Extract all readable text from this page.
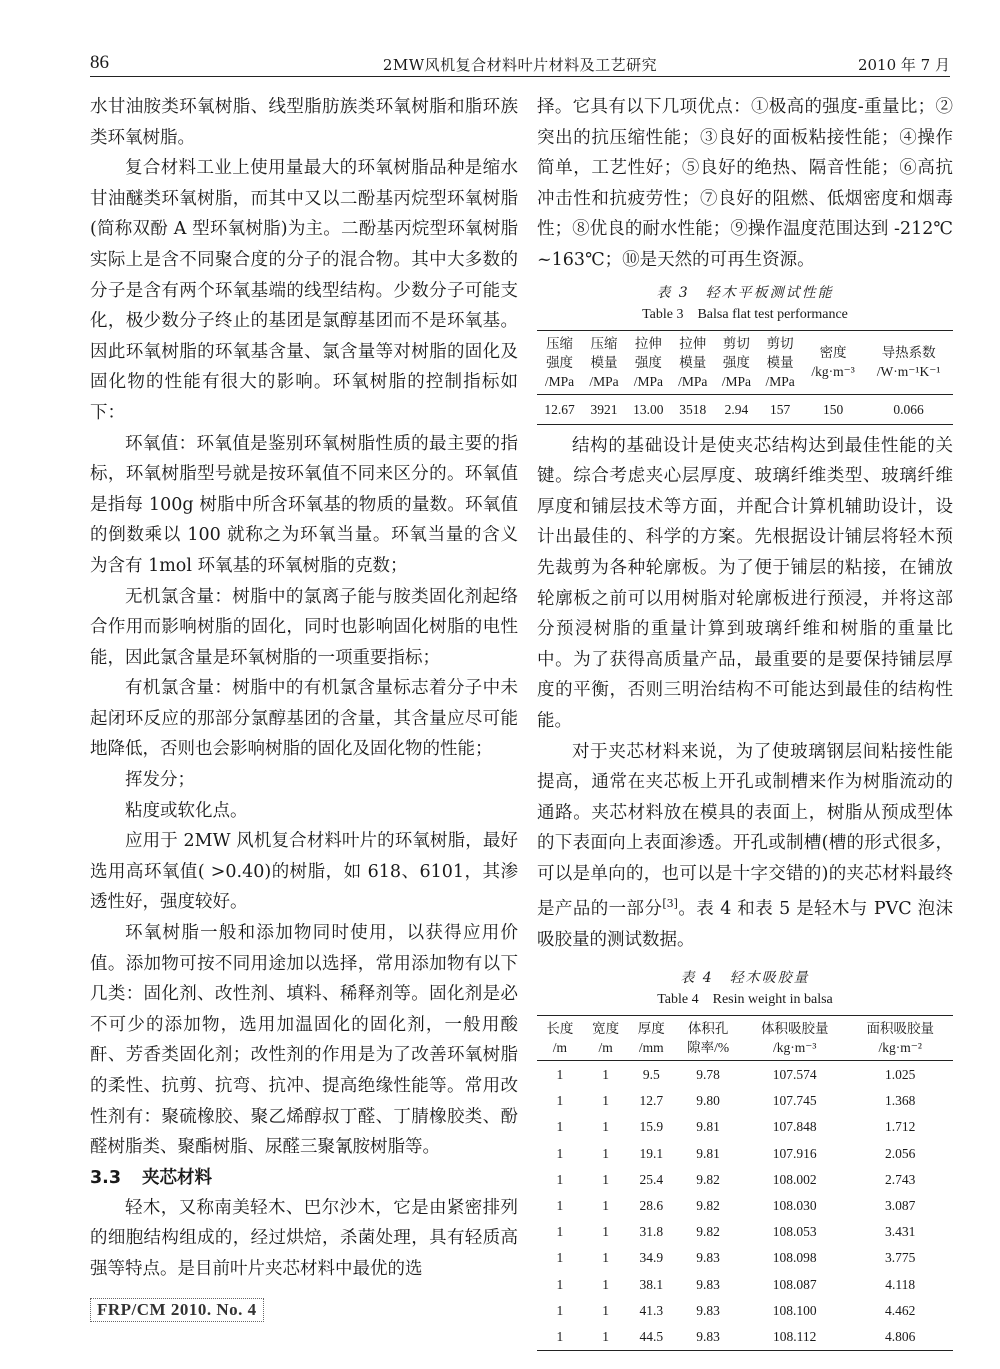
86	2MW风机复合材料叶片材料及工艺研究	2010 年 7 月

水甘油胺类环氧树脂、线型脂肪族类环氧树脂和脂环族类环氧树脂。

复合材料工业上使用量最大的环氧树脂品种是缩水甘油醚类环氧树脂，而其中又以二酚基丙烷型环氧树脂(简称双酚 A 型环氧树脂)为主。二酚基丙烷型环氧树脂实际上是含不同聚合度的分子的混合物。其中大多数的分子是含有两个环氧基端的线型结构。少数分子可能支化，极少数分子终止的基团是氯醇基团而不是环氧基。因此环氧树脂的环氧基含量、氯含量等对树脂的固化及固化物的性能有很大的影响。环氧树脂的控制指标如下：

环氧值：环氧值是鉴别环氧树脂性质的最主要的指标，环氧树脂型号就是按环氧值不同来区分的。环氧值是指每 100g 树脂中所含环氧基的物质的量数。环氧值的倒数乘以 100 就称之为环氧当量。环氧当量的含义为含有 1mol 环氧基的环氧树脂的克数；

无机氯含量：树脂中的氯离子能与胺类固化剂起络合作用而影响树脂的固化，同时也影响固化树脂的电性能，因此氯含量是环氧树脂的一项重要指标；

有机氯含量：树脂中的有机氯含量标志着分子中未起闭环反应的那部分氯醇基团的含量，其含量应尽可能地降低，否则也会影响树脂的固化及固化物的性能；

挥发分；

粘度或软化点。

应用于 2MW 风机复合材料叶片的环氧树脂，最好选用高环氧值( >0.40)的树脂，如 618、6101，其渗透性好，强度较好。

环氧树脂一般和添加物同时使用，以获得应用价值。添加物可按不同用途加以选择，常用添加物有以下几类：固化剂、改性剂、填料、稀释剂等。固化剂是必不可少的添加物，选用加温固化的固化剂，一般用酸酐、芳香类固化剂；改性剂的作用是为了改善环氧树脂的柔性、抗剪、抗弯、抗冲、提高绝缘性能等。常用改性剂有：聚硫橡胶、聚乙烯醇叔丁醛、丁腈橡胶类、酚醛树脂类、聚酯树脂、尿醛三聚氰胺树脂等。

3.3 夹芯材料

轻木，又称南美轻木、巴尔沙木，它是由紧密排列的细胞结构组成的，经过烘焙，杀菌处理，具有轻质高强等特点。是目前叶片夹芯材料中最优的选

择。它具有以下几项优点：①极高的强度-重量比；②突出的抗压缩性能；③良好的面板粘接性能；④操作简单，工艺性好；⑤良好的绝热、隔音性能；⑥高抗冲击性和抗疲劳性；⑦良好的阻燃、低烟密度和烟毒性；⑧优良的耐水性能；⑨操作温度范围达到 -212℃ ~163℃；⑩是天然的可再生资源。

表 3　轻木平板测试性能
Table 3　Balsa flat test performance
压缩
强度
/MPa	压缩
模量
/MPa	拉伸
强度
/MPa	拉伸
模量
/MPa	剪切
强度
/MPa	剪切
模量
/MPa	密度
/kg·m⁻³	导热系数
/W·m⁻¹K⁻¹
12.67	3921	13.00	3518	2.94	157	150	0.066

结构的基础设计是使夹芯结构达到最佳性能的关键。综合考虑夹心层厚度、玻璃纤维类型、玻璃纤维厚度和铺层技术等方面，并配合计算机辅助设计，设计出最佳的、科学的方案。先根据设计铺层将轻木预先裁剪为各种轮廓板。为了便于铺层的粘接，在铺放轮廓板之前可以用树脂对轮廓板进行预浸，并将这部分预浸树脂的重量计算到玻璃纤维和树脂的重量比中。为了获得高质量产品，最重要的是要保持铺层厚度的平衡，否则三明治结构不可能达到最佳的结构性能。

对于夹芯材料来说，为了使玻璃钢层间粘接性能提高，通常在夹芯板上开孔或制槽来作为树脂流动的通路。夹芯材料放在模具的表面上，树脂从预成型体的下表面向上表面渗透。开孔或制槽(槽的形式很多，可以是单向的，也可以是十字交错的)的夹芯材料最终是产品的一部分[3]。表 4 和表 5 是轻木与 PVC 泡沫吸胶量的测试数据。

表 4　轻木吸胶量
Table 4　Resin weight in balsa
长度
/m	宽度
/m	厚度
/mm	体积孔
隙率/%	体积吸胶量
/kg·m⁻³	面积吸胶量
/kg·m⁻²
1	1	9.5	9.78	107.574	1.025
1	1	12.7	9.80	107.745	1.368
1	1	15.9	9.81	107.848	1.712
1	1	19.1	9.81	107.916	2.056
1	1	25.4	9.82	108.002	2.743
1	1	28.6	9.82	108.030	3.087
1	1	31.8	9.82	108.053	3.431
1	1	34.9	9.83	108.098	3.775
1	1	38.1	9.83	108.087	4.118
1	1	41.3	9.83	108.100	4.462
1	1	44.5	9.83	108.112	4.806
FRP/CM 2010. No. 4
